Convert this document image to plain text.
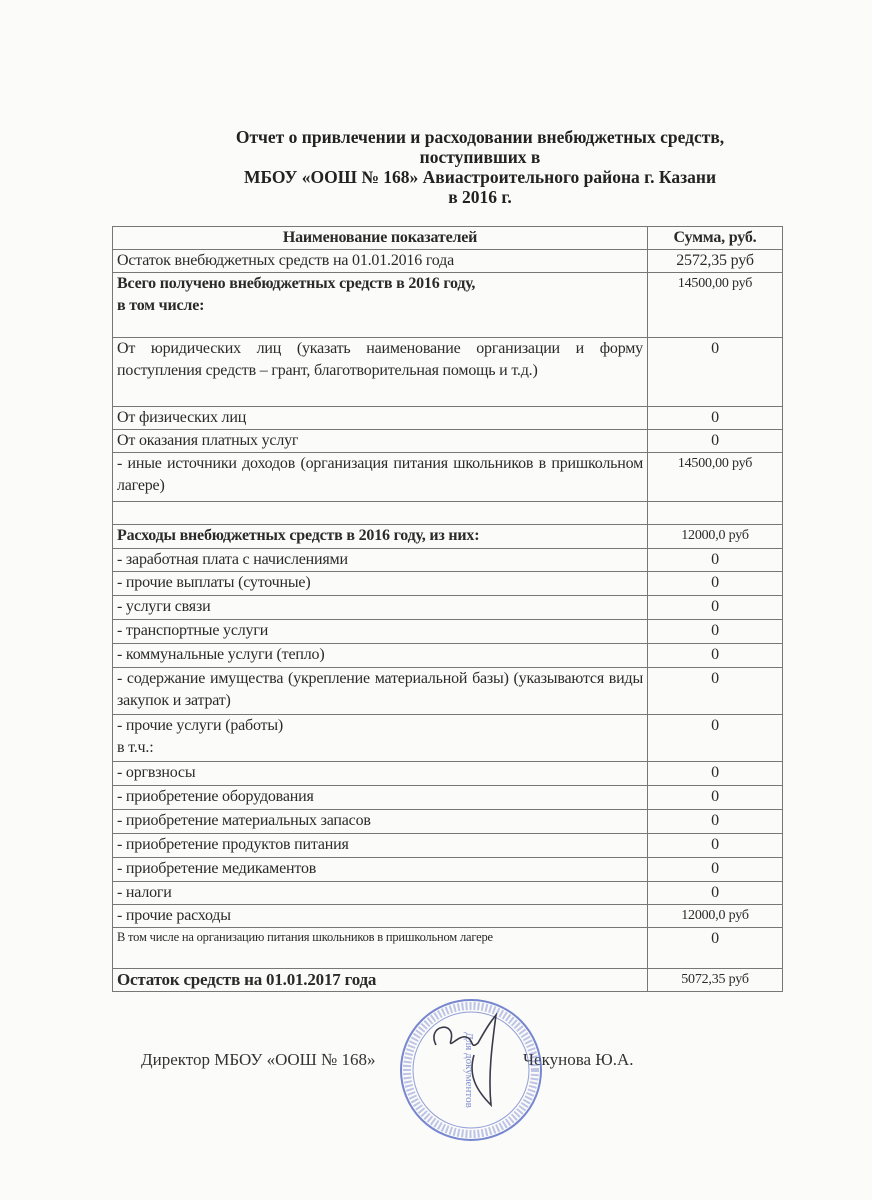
Отчет о привлечении и расходовании внебюджетных средств,
поступивших в
МБОУ «ООШ № 168» Авиастроительного района г. Казани
в 2016 г.
Наименование показателей	Сумма, руб.
Остаток внебюджетных средств на 01.01.2016 года	2572,35 руб
Всего получено внебюджетных средств в 2016 году,
в том числе:	14500,00 руб
От юридических лиц (указать наименование организации и форму поступления средств – грант, благотворительная помощь и т.д.)	0
От физических лиц	0
От оказания платных услуг	0
- иные источники доходов (организация питания школьников в пришкольном лагере)	14500,00 руб

Расходы внебюджетных средств в 2016 году, из них:	12000,0 руб
- заработная плата с начислениями	0
- прочие выплаты (суточные)	0
- услуги связи	0
- транспортные услуги	0
- коммунальные услуги (тепло)	0
- содержание имущества (укрепление материальной базы) (указываются виды закупок и затрат)	0
- прочие услуги (работы)
в т.ч.:	0
- оргвзносы	0
- приобретение оборудования	0
- приобретение материальных запасов	0
- приобретение продуктов питания	0
- приобретение медикаментов	0
- налоги	0
- прочие расходы	12000,0 руб
В том числе на организацию питания школьников в пришкольном лагере	0
Остаток средств на 01.01.2017 года	5072,35 руб
Директор МБОУ «ООШ № 168»	Чекунова Ю.А.
Для документов
